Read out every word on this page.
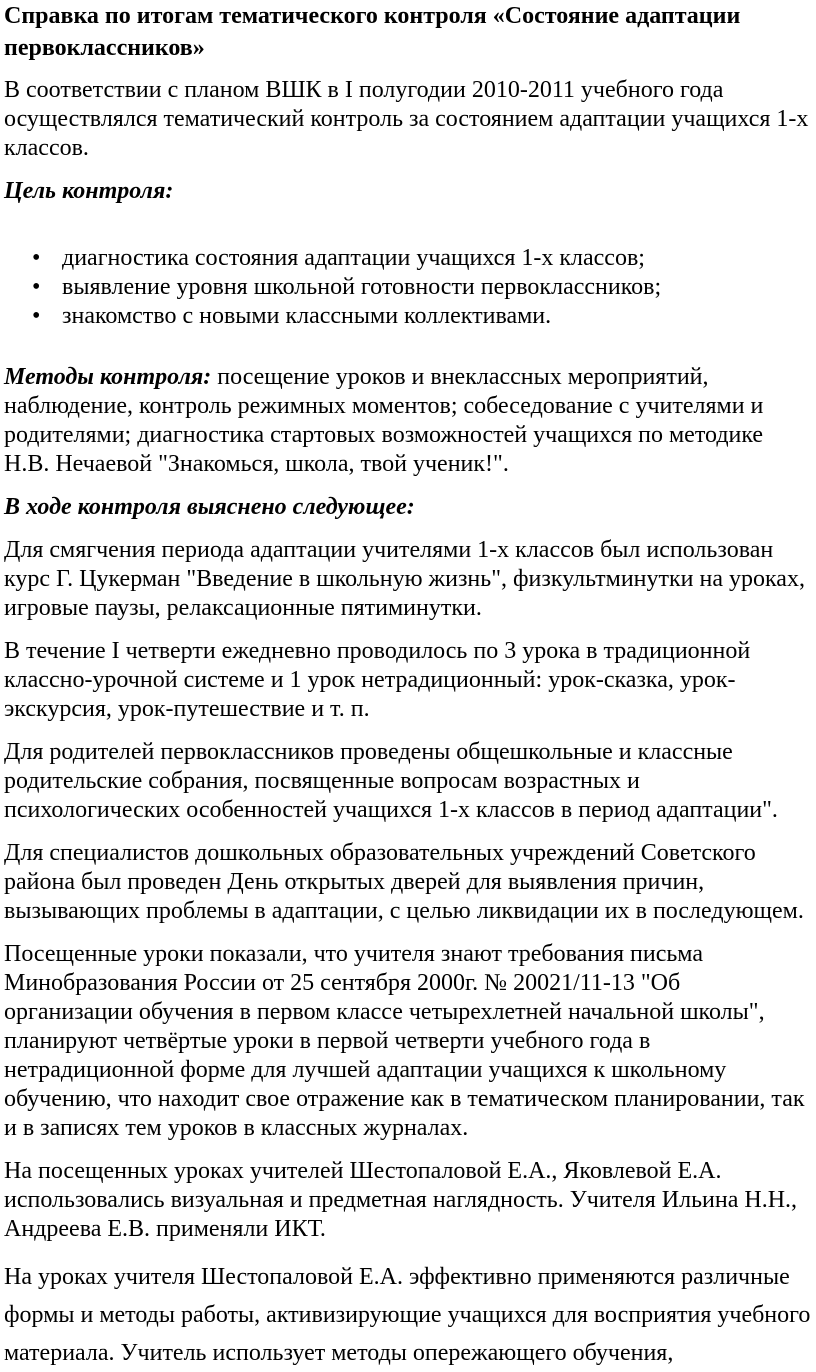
Справка по итогам тематического контроля «Состояние адаптации первоклассников»

В соответствии с планом ВШК в I полугодии 2010-2011 учебного года осуществлялся тематический контроль за состоянием адаптации учащихся 1-х классов.

Цель контроля:

• диагностика состояния адаптации учащихся 1-х классов;
• выявление уровня школьной готовности первоклассников;
• знакомство с новыми классными коллективами.

Методы контроля: посещение уроков и внеклассных мероприятий, наблюдение, контроль режимных моментов; собеседование с учителями и родителями; диагностика стартовых возможностей учащихся по методике Н.В. Нечаевой "Знакомься, школа, твой ученик!".

В ходе контроля выяснено следующее:

Для смягчения периода адаптации учителями 1-х классов был использован курс Г. Цукерман "Введение в школьную жизнь", физкультминутки на уроках, игровые паузы, релаксационные пятиминутки.

В течение I четверти ежедневно проводилось по 3 урока в традиционной классно-урочной системе и 1 урок нетрадиционный: урок-сказка, урок-экскурсия, урок-путешествие и т. п.

Для родителей первоклассников проведены общешкольные и классные родительские собрания, посвященные вопросам возрастных и психологических особенностей учащихся 1-х классов в период адаптации".

Для специалистов дошкольных образовательных учреждений Советского района был проведен День открытых дверей для выявления причин, вызывающих проблемы в адаптации, с целью ликвидации их в последующем.

Посещенные уроки показали, что учителя знают требования письма Минобразования России от 25 сентября 2000г. № 20021/11-13 "Об организации обучения в первом классе четырехлетней начальной школы", планируют четвёртые уроки в первой четверти учебного года в нетрадиционной форме для лучшей адаптации учащихся к школьному обучению, что находит свое отражение как в тематическом планировании, так и в записях тем уроков в классных журналах.

На посещенных уроках учителей Шестопаловой Е.А., Яковлевой Е.А. использовались визуальная и предметная наглядность. Учителя Ильина Н.Н., Андреева Е.В. применяли ИКТ.

На уроках учителя Шестопаловой Е.А. эффективно применяются различные формы и методы работы, активизирующие учащихся для восприятия учебного материала. Учитель использует методы опережающего обучения,
